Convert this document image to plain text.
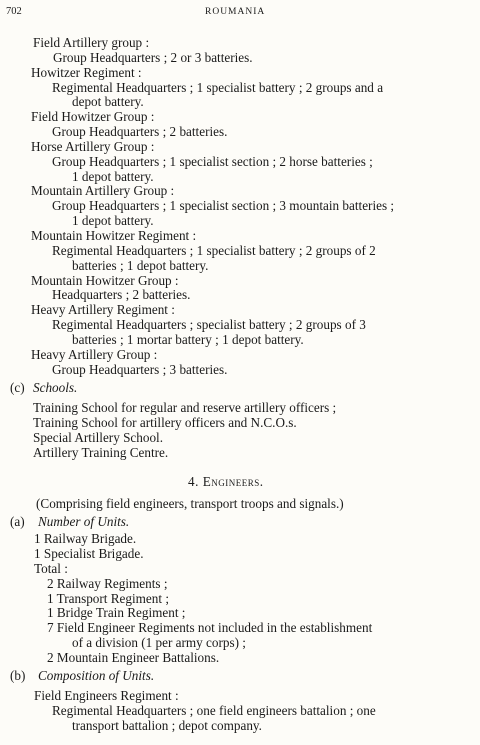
702	ROUMANIA
Field Artillery group :
Group Headquarters ; 2 or 3 batteries.
Howitzer Regiment :
Regimental Headquarters ; 1 specialist battery ; 2 groups and a
depot battery.
Field Howitzer Group :
Group Headquarters ; 2 batteries.
Horse Artillery Group :
Group Headquarters ; 1 specialist section ; 2 horse batteries ;
1 depot battery.
Mountain Artillery Group :
Group Headquarters ; 1 specialist section ; 3 mountain batteries ;
1 depot battery.
Mountain Howitzer Regiment :
Regimental Headquarters ; 1 specialist battery ; 2 groups of 2
batteries ; 1 depot battery.
Mountain Howitzer Group :
Headquarters ; 2 batteries.
Heavy Artillery Regiment :
Regimental Headquarters ; specialist battery ; 2 groups of 3
batteries ; 1 mortar battery ; 1 depot battery.
Heavy Artillery Group :
Group Headquarters ; 3 batteries.
(c) Schools.
Training School for regular and reserve artillery officers ;
Training School for artillery officers and N.C.O.s.
Special Artillery School.
Artillery Training Centre.
4. Engineers.
(Comprising field engineers, transport troops and signals.)
(a) Number of Units.
1 Railway Brigade.
1 Specialist Brigade.
Total :
2 Railway Regiments ;
1 Transport Regiment ;
1 Bridge Train Regiment ;
7 Field Engineer Regiments not included in the establishment
of a division (1 per army corps) ;
2 Mountain Engineer Battalions.
(b) Composition of Units.
Field Engineers Regiment :
Regimental Headquarters ; one field engineers battalion ; one
transport battalion ; depot company.
